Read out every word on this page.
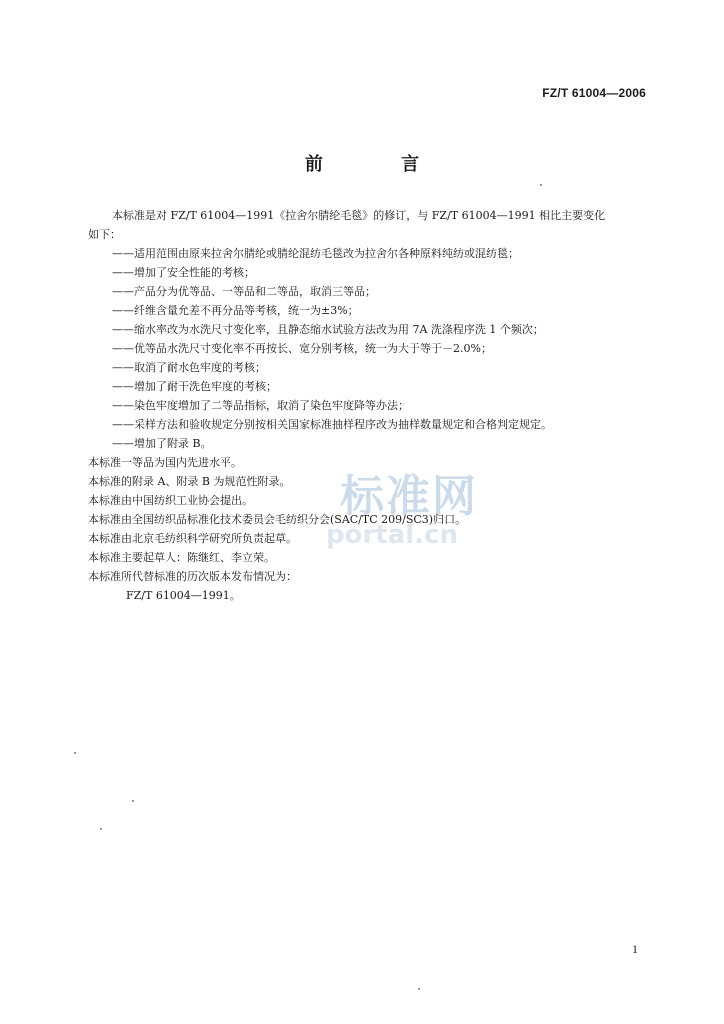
FZ/T 61004—2006
前 言
本标准是对 FZ/T 61004—1991《拉舍尔腈纶毛毯》的修订，与 FZ/T 61004—1991 相比主要变化
如下：
——适用范围由原来拉舍尔腈纶或腈纶混纺毛毯改为拉舍尔各种原料纯纺或混纺毯；
——增加了安全性能的考核；
——产品分为优等品、一等品和二等品，取消三等品；
——纤维含量允差不再分品等考核，统一为±3%；
——缩水率改为水洗尺寸变化率，且静态缩水试验方法改为用 7A 洗涤程序洗 1 个频次；
——优等品水洗尺寸变化率不再按长、宽分别考核，统一为大于等于－2.0%；
——取消了耐水色牢度的考核；
——增加了耐干洗色牢度的考核；
——染色牢度增加了二等品指标，取消了染色牢度降等办法；
——采样方法和验收规定分别按相关国家标准抽样程序改为抽样数量规定和合格判定规定。
——增加了附录 B。
本标准一等品为国内先进水平。
本标准的附录 A、附录 B 为规范性附录。
本标准由中国纺织工业协会提出。
本标准由全国纺织品标准化技术委员会毛纺织分会(SAC/TC 209/SC3)归口。
本标准由北京毛纺织科学研究所负责起草。
本标准主要起草人：陈继红、李立荣。
本标准所代替标准的历次版本发布情况为：
FZ/T 61004—1991。
标准网
portal.cn
1
